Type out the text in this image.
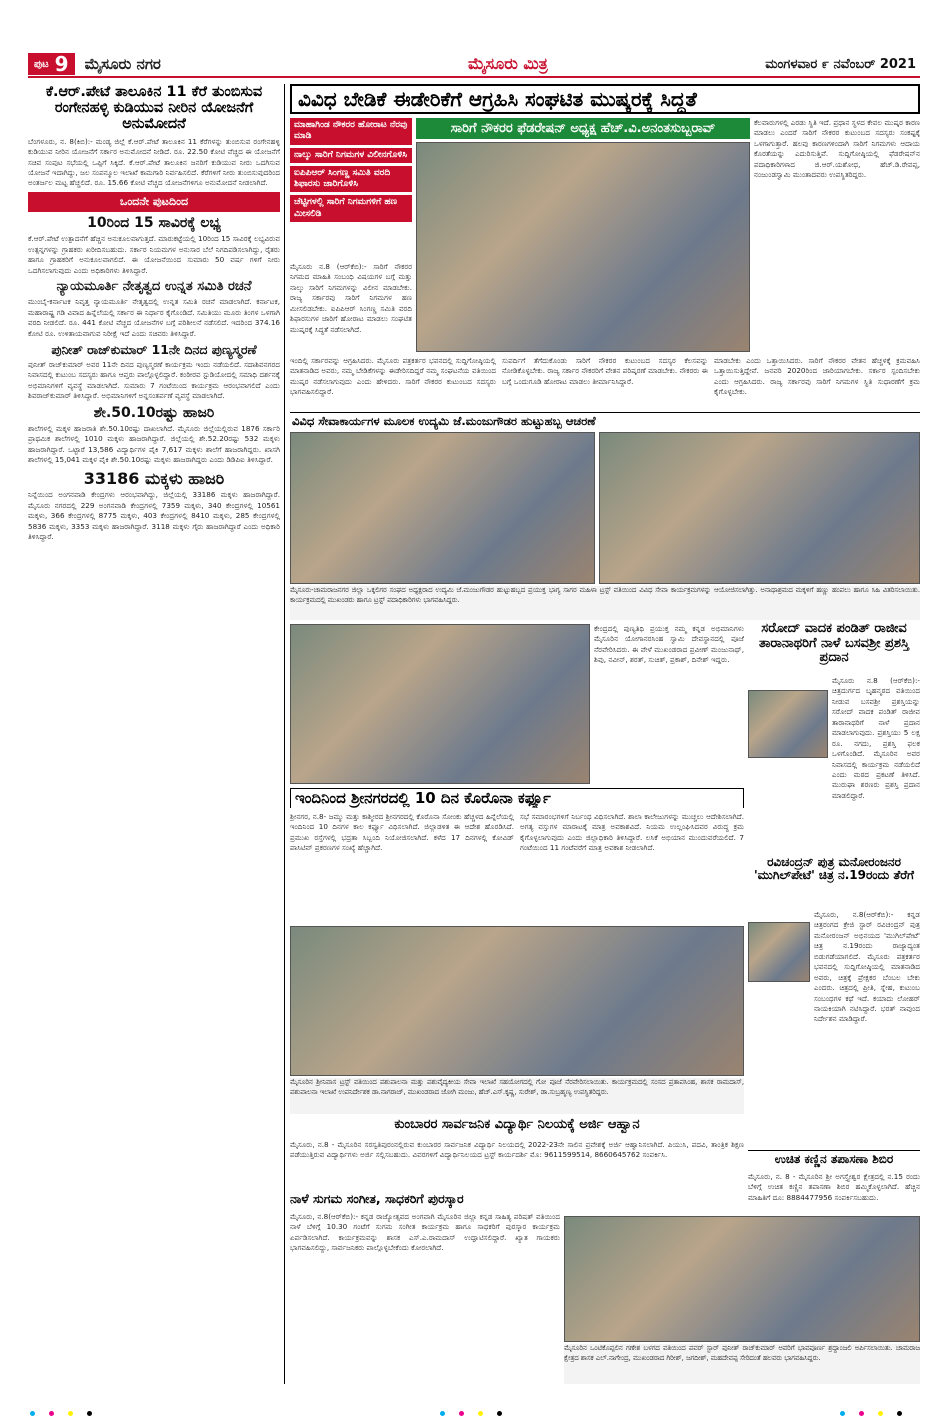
ಪುಟ 9 ಮೈಸೂರು ನಗರ	ಮೈಸೂರು ಮಿತ್ರ	ಮಂಗಳವಾರ ೯ ನವೆಂಬರ್ 2021
ಕೆ.ಆರ್.ಪೇಟೆ ತಾಲೂಕಿನ 11 ಕೆರೆ ತುಂಬಿಸುವ ರಂಗೇನಹಳ್ಳಿ ಕುಡಿಯುವ ನೀರಿನ ಯೋಜನೆಗೆ ಅನುಮೋದನೆ
ಬೆಂಗಳೂರು, ನ. 8(ಕಿಬಿ):- ಮಂಡ್ಯ ಜಿಲ್ಲೆ ಕೆ.ಆರ್.ಪೇಟೆ ತಾಲೂಕಿನ 11 ಕೆರೆಗಳನ್ನು ತುಂಬಿಸುವ ರಂಗೇನಹಳ್ಳಿ ಕುಡಿಯುವ ನೀರಿನ ಯೋಜನೆಗೆ ಸರ್ಕಾರ ಅನುಮೋದನೆ ನೀಡಿದೆ. ರೂ. 22.50 ಕೋಟಿ ವೆಚ್ಚದ ಈ ಯೋಜನೆಗೆ ಸಚಿವ ಸಂಪುಟ ಸಭೆಯಲ್ಲಿ ಒಪ್ಪಿಗೆ ಸಿಕ್ಕಿದೆ. ಕೆ.ಆರ್.ಪೇಟೆ ತಾಲೂಕಿನ ಜನರಿಗೆ ಕುಡಿಯುವ ನೀರು ಒದಗಿಸುವ ಯೋಜನೆ ಇದಾಗಿದ್ದು, ಜಲ ಸಂಪನ್ಮೂಲ ಇಲಾಖೆ ಕಾಮಗಾರಿ ನಿರ್ವಹಿಸಲಿದೆ. ಕೆರೆಗಳಿಗೆ ನೀರು ತುಂಬಿಸುವುದರಿಂದ ಅಂತರ್ಜಲ ಮಟ್ಟ ಹೆಚ್ಚಲಿದೆ. ರೂ. 15.66 ಕೋಟಿ ವೆಚ್ಚದ ಯೋಜನೆಗಳಿಗೂ ಅನುಮೋದನೆ ನೀಡಲಾಗಿದೆ.
ಒಂದನೇ ಪುಟದಿಂದ
10ರಿಂದ 15 ಸಾವಿರಕ್ಕೆ ಲಭ್ಯ
ಕೆ.ಆರ್.ಪೇಟೆ ಉತ್ಪಾದನೆಗೆ ಹೆಚ್ಚಿನ ಅನುಕೂಲವಾಗುತ್ತದೆ. ಮಾರುಕಟ್ಟೆಯಲ್ಲಿ 10ರಿಂದ 15 ಸಾವಿರಕ್ಕೆ ಲಭ್ಯವಿರುವ ಉತ್ಪನ್ನಗಳನ್ನು ಗ್ರಾಹಕರು ಖರೀದಿಸಬಹುದು. ಸರ್ಕಾರ ನಿಯಮಗಳ ಅನುಸಾರ ಬೆಲೆ ನಿಗದಿಪಡಿಸಲಾಗಿದ್ದು, ರೈತರು ಹಾಗೂ ಗ್ರಾಹಕರಿಗೆ ಅನುಕೂಲವಾಗಲಿದೆ. ಈ ಯೋಜನೆಯಿಂದ ಸುಮಾರು 50 ವರ್ಷ ಗಳಿಗೆ ನೀರು ಒದಗಿಸಲಾಗುವುದು ಎಂದು ಅಧಿಕಾರಿಗಳು ತಿಳಿಸಿದ್ದಾರೆ.
ನ್ಯಾಯಮೂರ್ತಿ ನೇತೃತ್ವದ ಉನ್ನತ ಸಮಿತಿ ರಚನೆ
ಮುಂಬೈ-ಕರ್ನಾಟಕ ನಿವೃತ್ತ ನ್ಯಾಯಮೂರ್ತಿ ನೇತೃತ್ವದಲ್ಲಿ ಉನ್ನತ ಸಮಿತಿ ರಚನೆ ಮಾಡಲಾಗಿದೆ. ಕರ್ನಾಟಕ, ಮಹಾರಾಷ್ಟ್ರ ಗಡಿ ವಿವಾದ ಹಿನ್ನೆಲೆಯಲ್ಲಿ ಸರ್ಕಾರ ಈ ನಿರ್ಧಾರ ಕೈಗೊಂಡಿದೆ. ಸಮಿತಿಯು ಮೂರು ತಿಂಗಳ ಒಳಗಾಗಿ ವರದಿ ನೀಡಲಿದೆ. ರೂ. 441 ಕೋಟಿ ವೆಚ್ಚದ ಯೋಜನೆಗಳ ಬಗ್ಗೆ ಪರಿಶೀಲನೆ ನಡೆಸಲಿದೆ. ಇದರಿಂದ 374.16 ಕೋಟಿ ರೂ. ಉಳಿತಾಯವಾಗುವ ನಿರೀಕ್ಷೆ ಇದೆ ಎಂದು ಸಚಿವರು ತಿಳಿಸಿದ್ದಾರೆ.
ಪುನೀತ್ ರಾಜ್‌ಕುಮಾರ್ 11ನೇ ದಿನದ ಪುಣ್ಯಸ್ಮರಣೆ
ಪುನೀತ್ ರಾಜ್‌ಕುಮಾರ್ ಅವರ 11ನೇ ದಿನದ ಪುಣ್ಯಸ್ಮರಣೆ ಕಾರ್ಯಕ್ರಮ ಇಂದು ನಡೆಯಲಿದೆ. ಸದಾಶಿವನಗರದ ನಿವಾಸದಲ್ಲಿ ಕುಟುಂಬ ಸದಸ್ಯರು ಹಾಗೂ ಆಪ್ತರು ಪಾಲ್ಗೊಳ್ಳಲಿದ್ದಾರೆ. ಕಂಠೀರವ ಸ್ಟುಡಿಯೋದಲ್ಲಿ ಸಮಾಧಿ ದರ್ಶನಕ್ಕೆ ಅಭಿಮಾನಿಗಳಿಗೆ ವ್ಯವಸ್ಥೆ ಮಾಡಲಾಗಿದೆ. ಸುಮಾರು 7 ಗಂಟೆಯಿಂದ ಕಾರ್ಯಕ್ರಮ ಆರಂಭವಾಗಲಿದೆ ಎಂದು ಶಿವರಾಜ್‌ಕುಮಾರ್ ತಿಳಿಸಿದ್ದಾರೆ. ಅಭಿಮಾನಿಗಳಿಗೆ ಅನ್ನಸಂತರ್ಪಣೆ ವ್ಯವಸ್ಥೆ ಮಾಡಲಾಗಿದೆ.
ಶೇ.50.10ರಷ್ಟು ಹಾಜರಿ
ಶಾಲೆಗಳಲ್ಲಿ ಮಕ್ಕಳ ಹಾಜರಾತಿ ಶೇ.50.10ರಷ್ಟು ದಾಖಲಾಗಿದೆ. ಮೈಸೂರು ಜಿಲ್ಲೆಯಲ್ಲಿರುವ 1876 ಸರ್ಕಾರಿ ಪ್ರಾಥಮಿಕ ಶಾಲೆಗಳಲ್ಲಿ 1010 ಮಕ್ಕಳು ಹಾಜರಾಗಿದ್ದಾರೆ. ಜಿಲ್ಲೆಯಲ್ಲಿ ಶೇ.52.20ರಷ್ಟು 532 ಮಕ್ಕಳು ಹಾಜರಾಗಿದ್ದಾರೆ. ಒಟ್ಟಾರೆ 13,586 ವಿದ್ಯಾರ್ಥಿಗಳ ಪೈಕಿ 7,617 ಮಕ್ಕಳು ಶಾಲೆಗೆ ಹಾಜರಾಗಿದ್ದರು. ಖಾಸಗಿ ಶಾಲೆಗಳಲ್ಲಿ 15,041 ಮಕ್ಕಳ ಪೈಕಿ ಶೇ.50.10ರಷ್ಟು ಮಕ್ಕಳು ಹಾಜರಾಗಿದ್ದರು ಎಂದು ಡಿಡಿಪಿಐ ತಿಳಿಸಿದ್ದಾರೆ.
33186 ಮಕ್ಕಳು ಹಾಜರಿ
ನಿನ್ನೆಯಿಂದ ಅಂಗನವಾಡಿ ಕೇಂದ್ರಗಳು ಆರಂಭವಾಗಿದ್ದು, ಜಿಲ್ಲೆಯಲ್ಲಿ 33186 ಮಕ್ಕಳು ಹಾಜರಾಗಿದ್ದಾರೆ. ಮೈಸೂರು ನಗರದಲ್ಲಿ 229 ಅಂಗನವಾಡಿ ಕೇಂದ್ರಗಳಲ್ಲಿ 7359 ಮಕ್ಕಳು, 340 ಕೇಂದ್ರಗಳಲ್ಲಿ 10561 ಮಕ್ಕಳು, 366 ಕೇಂದ್ರಗಳಲ್ಲಿ 8775 ಮಕ್ಕಳು, 403 ಕೇಂದ್ರಗಳಲ್ಲಿ 8410 ಮಕ್ಕಳು, 285 ಕೇಂದ್ರಗಳಲ್ಲಿ 5836 ಮಕ್ಕಳು, 3353 ಮಕ್ಕಳು ಹಾಜರಾಗಿದ್ದಾರೆ. 3118 ಮಕ್ಕಳು ಗೈರು ಹಾಜರಾಗಿದ್ದಾರೆ ಎಂದು ಅಧಿಕಾರಿ ತಿಳಿಸಿದ್ದಾರೆ.
ವಿವಿಧ ಬೇಡಿಕೆ ಈಡೇರಿಕೆಗೆ ಆಗ್ರಹಿಸಿ ಸಂಘಟಿತ ಮುಷ್ಕರಕ್ಕೆ ಸಿದ್ಧತೆ
ಮಾಹಾಗಿಂಡ ನೌಕರರ ಹೋರಾಟ ನೆರವು ಮಾಡಿ
ನಾಲ್ಕು ಸಾರಿಗೆ ನಿಗಮಗಳ ವಿಲೀನಗೊಳಿಸಿ
ಐಪಿಪಿಆರ್ ಸಿಂಗಣ್ಣ ಸಮಿತಿ ವರದಿ ಶಿಫಾರಸು ಜಾರಿಗೊಳಿಸಿ
ಚೆಟ್ಟಿಗಳಲ್ಲಿ ಸಾರಿಗೆ ನಿಗಮಗಳಿಗೆ ಹಣ ಮೀಸಲಿಡಿ
ಸಾರಿಗೆ ನೌಕರರ ಫೆಡರೇಷನ್ ಅಧ್ಯಕ್ಷ ಹೆಚ್.ವಿ.ಅನಂತಸುಬ್ಬರಾವ್
ಮೈಸೂರು ನ.8 (ಆರ್‌ಕೆಬಿ):- ಸಾರಿಗೆ ನೌಕರರ ನಿಗಮದ ಮಾಹಿತಿ ಸಂಬಂಧಿ ವಿಷಯಗಳ ಬಗ್ಗೆ ಮತ್ತು ನಾಲ್ಕು ಸಾರಿಗೆ ನಿಗಮಗಳನ್ನು ವಿಲೀನ ಮಾಡಬೇಕು. ರಾಜ್ಯ ಸರ್ಕಾರವು ಸಾರಿಗೆ ನಿಗಮಗಳ ಹಣ ಮೀಸಲಿಡಬೇಕು. ಐಪಿಪಿಆರ್ ಸಿಂಗಣ್ಣ ಸಮಿತಿ ವರದಿ ಶಿಫಾರಸುಗಳ ಜಾರಿಗೆ ಹೋರಾಟ ಮಾಡಲು ಸಂಘಟಿತ ಮುಷ್ಕರಕ್ಕೆ ಸಿದ್ಧತೆ ನಡೆಸಲಾಗಿದೆ.
ಕೆಲವಾರುಗಳಲ್ಲಿ ಎರಡು ಸ್ಥಿತಿ ಇದೆ. ಪ್ರಧಾನ ಸ್ಥಳದ ಕೇವಲ ಮುಷ್ಕರ ಕಾರಣ ಮಾಡಲು ಎಂದರೆ ಸಾರಿಗೆ ನೌಕರರ ಕುಟುಂಬದ ಸದಸ್ಯರು ಸಂಕಷ್ಟಕ್ಕೆ ಒಳಗಾಗುತ್ತಾರೆ. ಹಲವು ಕಾರಣಗಳಿಂದಾಗಿ ಸಾರಿಗೆ ನಿಗಮಗಳು ಆದಾಯ ಕೊರತೆಯನ್ನು ಎದುರಿಸುತ್ತಿವೆ. ಸುದ್ದಿಗೋಷ್ಠಿಯಲ್ಲಿ ಫೆಡರೇಷನ್‌ನ ಪದಾಧಿಕಾರಿಗಳಾದ ಜಿ.ಆರ್.ಯಶೋಧ, ಹೆಚ್.ಡಿ.ರೇವಪ್ಪ, ನಂಜುಂಡಸ್ವಾಮಿ ಮುಂತಾದವರು ಉಪಸ್ಥಿತರಿದ್ದರು.
ಇಂದಿಲ್ಲಿ ಸರ್ಕಾರವನ್ನು ಆಗ್ರಹಿಸಿದರು. ಮೈಸೂರು ಪತ್ರಕರ್ತರ ಭವನದಲ್ಲಿ ಸುದ್ದಿಗೋಷ್ಠಿಯಲ್ಲಿ ಮಾತನಾಡಿದ ಅವರು, ನಮ್ಮ ಬೇಡಿಕೆಗಳನ್ನು ಈಡೇರಿಸದಿದ್ದರೆ ನಮ್ಮ ಸಂಘಟನೆಯ ವತಿಯಿಂದ ಮುಷ್ಕರ ನಡೆಸಲಾಗುವುದು ಎಂದು ಹೇಳಿದರು. ಸಾರಿಗೆ ನೌಕರರ ಕುಟುಂಬದ ಸದಸ್ಯರು ಭಾಗವಹಿಸಲಿದ್ದಾರೆ.
ಸುಪರ್ದಿಗೆ ತೆಗೆದುಕೊಂಡು ಸಾರಿಗೆ ನೌಕರರ ಕುಟುಂಬದ ಸದಸ್ಯರ ಕೆಲಸವನ್ನು ನೋಡಿಕೊಳ್ಳಬೇಕು. ರಾಜ್ಯ ಸರ್ಕಾರ ನೌಕರರಿಗೆ ವೇತನ ಪರಿಷ್ಕರಣೆ ಮಾಡಬೇಕು. ನೌಕರರು ಈ ಬಗ್ಗೆ ಒಂದುಗೂಡಿ ಹೋರಾಟ ಮಾಡಲು ತೀರ್ಮಾನಿಸಿದ್ದಾರೆ.
ಮಾಡಬೇಕು ಎಂದು ಒತ್ತಾಯಿಸಿದರು. ಸಾರಿಗೆ ನೌಕರರ ವೇತನ ಹೆಚ್ಚಳಕ್ಕೆ ಕ್ರಮವಹಿಸಿ ಒತ್ತಾಯಿಸುತ್ತಿದ್ದೇವೆ. ಜನವರಿ 2020ರಿಂದ ಜಾರಿಯಾಗಬೇಕು. ಸರ್ಕಾರ ಸ್ಪಂದಿಸಬೇಕು ಎಂದು ಆಗ್ರಹಿಸಿದರು. ರಾಜ್ಯ ಸರ್ಕಾರವು ಸಾರಿಗೆ ನಿಗಮಗಳ ಸ್ಥಿತಿ ಸುಧಾರಣೆಗೆ ಕ್ರಮ ಕೈಗೊಳ್ಳಬೇಕು.
ವಿವಿಧ ಸೇವಾಕಾರ್ಯಗಳ ಮೂಲಕ ಉದ್ಯಮಿ ಜೆ.ಮಂಜುಗೌಡರ ಹುಟ್ಟುಹಬ್ಬ ಆಚರಣೆ
ಮೈಸೂರು-ಚಾಮರಾಜನಗರ ಜಿಲ್ಲಾ ಒಕ್ಕಲಿಗರ ಸಂಘದ ಅಧ್ಯಕ್ಷರಾದ ಉದ್ಯಮಿ ಜೆ.ಮಂಜುಗೌಡರ ಹುಟ್ಟುಹಬ್ಬದ ಪ್ರಯುಕ್ತ ಭಾಗ್ಯ ಸಾಗರ ಮಹಿಳಾ ಟ್ರಸ್ಟ್ ವತಿಯಿಂದ ವಿವಿಧ ಸೇವಾ ಕಾರ್ಯಕ್ರಮಗಳನ್ನು ಆಯೋಜಿಸಲಾಗಿತ್ತು. ಅನಾಥಾಶ್ರಮದ ಮಕ್ಕಳಿಗೆ ಹಣ್ಣು ಹಂಪಲು ಹಾಗೂ ಸಿಹಿ ವಿತರಿಸಲಾಯಿತು. ಕಾರ್ಯಕ್ರಮದಲ್ಲಿ ಮುಖಂಡರು ಹಾಗೂ ಟ್ರಸ್ಟ್ ಪದಾಧಿಕಾರಿಗಳು ಭಾಗವಹಿಸಿದ್ದರು.
ಕೇಂದ್ರದಲ್ಲಿ ಪುಣ್ಯತಿಥಿ ಪ್ರಯುಕ್ತ ನಮ್ಮ ಕನ್ನಡ ಅಭಿಮಾನಿಗಳು ಮೈಸೂರಿನ ಯೋಗಾನರಸಿಂಹ ಸ್ವಾಮಿ ದೇವಸ್ಥಾನದಲ್ಲಿ ಪೂಜೆ ನೆರವೇರಿಸಿದರು. ಈ ವೇಳೆ ಮುಖಂಡರಾದ ಪ್ರವೀಣ್ ಮಂಜುನಾಥ್, ಶಿವು, ನವೀನ್, ಶರತ್, ಸುಚಿತ್, ಪ್ರಕಾಶ್, ದಿನೇಶ್ ಇದ್ದರು.
ಸರೋದ್ ವಾದಕ ಪಂಡಿತ್ ರಾಜೀವ ತಾರಾನಾಥರಿಗೆ ನಾಳೆ ಬಸವಶ್ರೀ ಪ್ರಶಸ್ತಿ ಪ್ರದಾನ
ಮೈಸೂರು ನ.8 (ಆರ್‌ಕೆಬಿ):- ಚಿತ್ರದುರ್ಗದ ಬೃಹನ್ಮಠದ ವತಿಯಿಂದ ನೀಡುವ ಬಸವಶ್ರೀ ಪ್ರಶಸ್ತಿಯನ್ನು ಸರೋದ್ ವಾದಕ ಪಂಡಿತ್ ರಾಜೀವ ತಾರಾನಾಥರಿಗೆ ನಾಳೆ ಪ್ರದಾನ ಮಾಡಲಾಗುವುದು. ಪ್ರಶಸ್ತಿಯು 5 ಲಕ್ಷ ರೂ. ನಗದು, ಪ್ರಶಸ್ತಿ ಫಲಕ ಒಳಗೊಂಡಿದೆ. ಮೈಸೂರಿನ ಅವರ ನಿವಾಸದಲ್ಲಿ ಕಾರ್ಯಕ್ರಮ ನಡೆಯಲಿದೆ ಎಂದು ಮಠದ ಪ್ರಕಟಣೆ ತಿಳಿಸಿದೆ. ಮುರುಘಾ ಶರಣರು ಪ್ರಶಸ್ತಿ ಪ್ರದಾನ ಮಾಡಲಿದ್ದಾರೆ.
ಇಂದಿನಿಂದ ಶ್ರೀನಗರದಲ್ಲಿ 10 ದಿನ ಕೊರೊನಾ ಕರ್ಫ್ಯೂ
ಶ್ರೀನಗರ, ನ.8- ಜಮ್ಮು ಮತ್ತು ಕಾಶ್ಮೀರದ ಶ್ರೀನಗರದಲ್ಲಿ ಕೊರೊನಾ ಸೋಂಕು ಹೆಚ್ಚಳದ ಹಿನ್ನೆಲೆಯಲ್ಲಿ ಇಂದಿನಿಂದ 10 ದಿನಗಳ ಕಾಲ ಕರ್ಫ್ಯೂ ವಿಧಿಸಲಾಗಿದೆ. ಜಿಲ್ಲಾಡಳಿತ ಈ ಆದೇಶ ಹೊರಡಿಸಿದೆ. ಪ್ರಮುಖ ರಸ್ತೆಗಳಲ್ಲಿ ಭದ್ರತಾ ಸಿಬ್ಬಂದಿ ನಿಯೋಜಿಸಲಾಗಿದೆ. ಕಳೆದ 17 ದಿನಗಳಲ್ಲಿ ಕೋವಿಡ್ ಪಾಸಿಟಿವ್ ಪ್ರಕರಣಗಳ ಸಂಖ್ಯೆ ಹೆಚ್ಚಾಗಿದೆ.
ಸಭೆ ಸಮಾರಂಭಗಳಿಗೆ ನಿರ್ಬಂಧ ವಿಧಿಸಲಾಗಿದೆ. ಶಾಲಾ ಕಾಲೇಜುಗಳನ್ನು ಮುಚ್ಚಲು ಆದೇಶಿಸಲಾಗಿದೆ. ಅಗತ್ಯ ವಸ್ತುಗಳ ಮಾರಾಟಕ್ಕೆ ಮಾತ್ರ ಅವಕಾಶವಿದೆ. ನಿಯಮ ಉಲ್ಲಂಘಿಸಿದವರ ವಿರುದ್ಧ ಕ್ರಮ ಕೈಗೊಳ್ಳಲಾಗುವುದು ಎಂದು ಜಿಲ್ಲಾಧಿಕಾರಿ ತಿಳಿಸಿದ್ದಾರೆ. ಲಸಿಕೆ ಅಭಿಯಾನ ಮುಂದುವರೆಯಲಿದೆ. 7 ಗಂಟೆಯಿಂದ 11 ಗಂಟೆವರೆಗೆ ಮಾತ್ರ ಅವಕಾಶ ನೀಡಲಾಗಿದೆ.
ಮೈಸೂರಿನ ಶ್ರೀನಿವಾಸ ಟ್ರಸ್ಟ್ ವತಿಯಿಂದ ಪಶುಪಾಲನಾ ಮತ್ತು ಪಶುವೈದ್ಯಕೀಯ ಸೇವಾ ಇಲಾಖೆ ಸಹಯೋಗದಲ್ಲಿ ಗೋ ಪೂಜೆ ನೆರವೇರಿಸಲಾಯಿತು. ಕಾರ್ಯಕ್ರಮದಲ್ಲಿ ಸಂಸದ ಪ್ರತಾಪಸಿಂಹ, ಶಾಸಕ ರಾಮದಾಸ್, ಪಶುಪಾಲನಾ ಇಲಾಖೆ ಉಪನಿರ್ದೇಶಕ ಡಾ.ನಾಗರಾಜ್, ಮುಖಂಡರಾದ ಜೋಗಿ ಮಂಜು, ಹೆಚ್.ಎಸ್.ಕೃಷ್ಣ, ಸುರೇಶ್, ಡಾ.ಸುಬ್ರಹ್ಮಣ್ಯ ಉಪಸ್ಥಿತರಿದ್ದರು.
ಕುಂಬಾರರ ಸಾರ್ವಜನಿಕ ವಿದ್ಯಾರ್ಥಿ ನಿಲಯಕ್ಕೆ ಅರ್ಜಿ ಆಹ್ವಾನ
ಮೈಸೂರು, ನ.8 - ಮೈಸೂರಿನ ಸರಸ್ವತಿಪುರಂನಲ್ಲಿರುವ ಕುಂಬಾರರ ಸಾರ್ವಜನಿಕ ವಿದ್ಯಾರ್ಥಿ ನಿಲಯದಲ್ಲಿ 2022-23ನೇ ಸಾಲಿನ ಪ್ರವೇಶಕ್ಕೆ ಅರ್ಜಿ ಆಹ್ವಾನಿಸಲಾಗಿದೆ. ಪಿಯುಸಿ, ಪದವಿ, ತಾಂತ್ರಿಕ ಶಿಕ್ಷಣ ಪಡೆಯುತ್ತಿರುವ ವಿದ್ಯಾರ್ಥಿಗಳು ಅರ್ಜಿ ಸಲ್ಲಿಸಬಹುದು. ವಿವರಗಳಿಗೆ ವಿದ್ಯಾರ್ಥಿನಿಲಯದ ಟ್ರಸ್ಟ್ ಕಾರ್ಯದರ್ಶಿ ಮೊ: 9611599514, 8660645762 ಸಂಪರ್ಕಿಸಿ.
ನಾಳೆ ಸುಗಮ ಸಂಗೀತ, ಸಾಧಕರಿಗೆ ಪುರಸ್ಕಾರ
ಮೈಸೂರು, ನ.8(ಆರ್‌ಕೆಬಿ):- ಕನ್ನಡ ರಾಜ್ಯೋತ್ಸವದ ಅಂಗವಾಗಿ ಮೈಸೂರಿನ ಜಿಲ್ಲಾ ಕನ್ನಡ ಸಾಹಿತ್ಯ ಪರಿಷತ್ ವತಿಯಿಂದ ನಾಳೆ ಬೆಳಿಗ್ಗೆ 10.30 ಗಂಟೆಗೆ ಸುಗಮ ಸಂಗೀತ ಕಾರ್ಯಕ್ರಮ ಹಾಗೂ ಸಾಧಕರಿಗೆ ಪುರಸ್ಕಾರ ಕಾರ್ಯಕ್ರಮ ಏರ್ಪಡಿಸಲಾಗಿದೆ. ಕಾರ್ಯಕ್ರಮವನ್ನು ಶಾಸಕ ಎಸ್.ಎ.ರಾಮದಾಸ್ ಉದ್ಘಾಟಿಸಲಿದ್ದಾರೆ. ಖ್ಯಾತ ಗಾಯಕರು ಭಾಗವಹಿಸಲಿದ್ದು, ಸಾರ್ವಜನಿಕರು ಪಾಲ್ಗೊಳ್ಳಬೇಕೆಂದು ಕೋರಲಾಗಿದೆ.
ರವಿಚಂದ್ರನ್ ಪುತ್ರ ಮನೋರಂಜನರ 'ಮುಗಿಲ್‌ಪೇಟೆ' ಚಿತ್ರ ನ.19ರಂದು ತೆರೆಗೆ
ಮೈಸೂರು, ನ.8(ಆರ್‌ಕೆಬಿ):- ಕನ್ನಡ ಚಿತ್ರರಂಗದ ಕ್ರೇಜಿ ಸ್ಟಾರ್ ರವಿಚಂದ್ರನ್ ಪುತ್ರ ಮನೋರಂಜನ್ ಅಭಿನಯದ 'ಮುಗಿಲ್‌ಪೇಟೆ' ಚಿತ್ರ ನ.19ರಂದು ರಾಜ್ಯಾದ್ಯಂತ ಬಿಡುಗಡೆಯಾಗಲಿದೆ. ಮೈಸೂರು ಪತ್ರಕರ್ತರ ಭವನದಲ್ಲಿ ಸುದ್ದಿಗೋಷ್ಠಿಯಲ್ಲಿ ಮಾತನಾಡಿದ ಅವರು, ಚಿತ್ರಕ್ಕೆ ಪ್ರೇಕ್ಷಕರ ಬೆಂಬಲ ಬೇಕು ಎಂದರು. ಚಿತ್ರದಲ್ಲಿ ಪ್ರೀತಿ, ಸ್ನೇಹ, ಕುಟುಂಬ ಸಂಬಂಧಗಳ ಕಥೆ ಇದೆ. ಕಯಾದು ಲೋಹರ್ ನಾಯಕಿಯಾಗಿ ನಟಿಸಿದ್ದಾರೆ. ಭರತ್ ನಾವುಂದ ನಿರ್ದೇಶನ ಮಾಡಿದ್ದಾರೆ.
ಉಚಿತ ಕಣ್ಣಿನ ತಪಾಸಣಾ ಶಿಬಿರ
ಮೈಸೂರು, ನ. 8 - ಮೈಸೂರಿನ ಶ್ರೀ ಅಗಸ್ತ್ಯೇಶ್ವರ ಕ್ಷೇತ್ರದಲ್ಲಿ ನ.15 ರಂದು ಬೆಳಿಗ್ಗೆ ಉಚಿತ ಕಣ್ಣಿನ ತಪಾಸಣಾ ಶಿಬಿರ ಹಮ್ಮಿಕೊಳ್ಳಲಾಗಿದೆ. ಹೆಚ್ಚಿನ ಮಾಹಿತಿಗೆ ದೂ: 8884477956 ಸಂಪರ್ಕಿಸಬಹುದು.
ಮೈಸೂರಿನ ಒಂಟಿಕೊಪ್ಪಲಿನ ಗಣೇಶ ಬಳಗದ ವತಿಯಿಂದ ಪವರ್ ಸ್ಟಾರ್ ಪುನೀತ್ ರಾಜ್‌ಕುಮಾರ್ ಅವರಿಗೆ ಭಾವಪೂರ್ಣ ಶ್ರದ್ಧಾಂಜಲಿ ಅರ್ಪಿಸಲಾಯಿತು. ಚಾಮರಾಜ ಕ್ಷೇತ್ರದ ಶಾಸಕ ಎಲ್.ನಾಗೇಂದ್ರ, ಮುಖಂಡರಾದ ಗಿರೀಶ್, ಜಗದೀಶ್, ಮಹದೇವಪ್ಪ ಸೇರಿದಂತೆ ಹಲವರು ಭಾಗವಹಿಸಿದ್ದರು.
